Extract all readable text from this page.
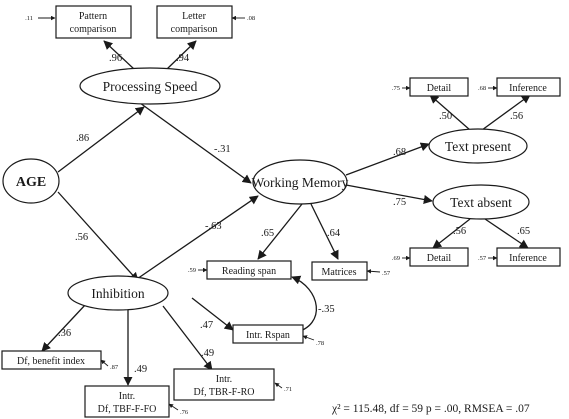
Processing Speed
AGE	Working Memory
Inhibition
Text present
Text absent
Pattern
comparison
Letter
comparison
Detail	Inference
Detail	Inference
Reading span	Matrices
Intr. Rspan
Df, benefit index
Intr.
Df, TBF-F-FO
Intr.
Df, TBR-F-RO
.86
.56
-.31
-.63
.96	.94
.68
.75
.65	.64
.50	.56
.56	.65
.36
.49
.49
.47
-.35
.11	.08
.75	.68
.69	.57
.59	.57
.78
.87
.76
.71
χ² = 115.48, df = 59 p = .00, RMSEA = .07
